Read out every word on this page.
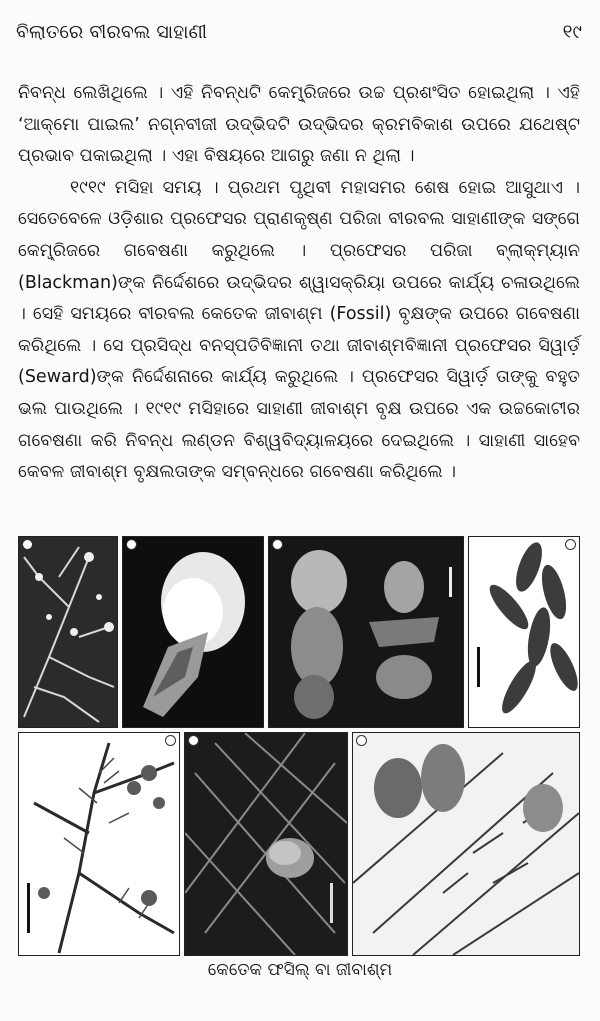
ବିଲାତରେ ବୀରବଲ ସାହାଣୀ	୧୯

ନିବନ୍ଧ ଲେଖିଥିଲେ । ଏହି ନିବନ୍ଧଟି କେମ୍ବ୍ରିଜରେ ଉଚ୍ଚ ପ୍ରଶଂସିତ ହୋଇଥିଲା । ଏହି ‘ଆକ୍‌ମୋ ପାଇଲ’ ନଗ୍ନବୀଜୀ ଉଦ୍ଭିଦଟି ଉଦ୍ଭିଦର କ୍ରମବିକାଶ ଉପରେ ଯଥେଷ୍ଟ ପ୍ରଭାବ ପକାଇଥିଲା । ଏହା ବିଷୟରେ ଆଗରୁ ଜଣା ନ ଥିଲା ।

୧୯୧୯ ମସିହା ସମୟ । ପ୍ରଥମ ପୃଥିବୀ ମହାସମର ଶେଷ ହୋଇ ଆସୁଥାଏ । ସେତେବେଳେ ଓଡ଼ିଶାର ପ୍ରଫେସର ପ୍ରାଣକୃଷ୍ଣ ପରିଜା ବୀରବଲ ସାହାଣୀଙ୍କ ସଙ୍ଗେ କେମ୍ବ୍ରିଜରେ ଗବେଷଣା କରୁଥିଲେ । ପ୍ରଫେସର ପରିଜା ବ୍ଲାକ୍‌ମ୍ୟାନ (Blackman)ଙ୍କ ନିର୍ଦ୍ଦେଶରେ ଉଦ୍ଭିଦର ଶ୍ୱାସକ୍ରିୟା ଉପରେ କାର୍ଯ୍ୟ ଚଳାଉଥିଲେ । ସେହି ସମୟରେ ବୀରବଲ କେତେକ ଜୀବାଶ୍ମ (Fossil) ବୃକ୍ଷଙ୍କ ଉପରେ ଗବେଷଣା କରିଥିଲେ । ସେ ପ୍ରସିଦ୍ଧ ବନସ୍ପତିବିଜ୍ଞାନୀ ତଥା ଜୀବାଶ୍ମବିଜ୍ଞାନୀ ପ୍ରଫେସର ସିୱାର୍ଡ଼ (Seward)ଙ୍କ ନିର୍ଦ୍ଦେଶନାରେ କାର୍ଯ୍ୟ କରୁଥିଲେ । ପ୍ରଫେସର ସିୱାର୍ଡ଼ ତାଙ୍କୁ ବହୁତ ଭଲ ପାଉଥିଲେ । ୧୯୧୯ ମସିହାରେ ସାହାଣୀ ଜୀବାଶ୍ମ ବୃକ୍ଷ ଉପରେ ଏକ ଉଚ୍ଚକୋଟୀର ଗବେଷଣା କରି ନିବନ୍ଧ ଲଣ୍ଡନ ବିଶ୍ୱବିଦ୍ୟାଳୟରେ ଦେଇଥିଲେ । ସାହାଣୀ ସାହେବ କେବଳ ଜୀବାଶ୍ମ ବୃକ୍ଷଲତାଙ୍କ ସମ୍ବନ୍ଧରେ ଗବେଷଣା କରିଥିଲେ ।

କେତେକ ଫସିଲ୍ ବା ଜୀବାଶ୍ମ
